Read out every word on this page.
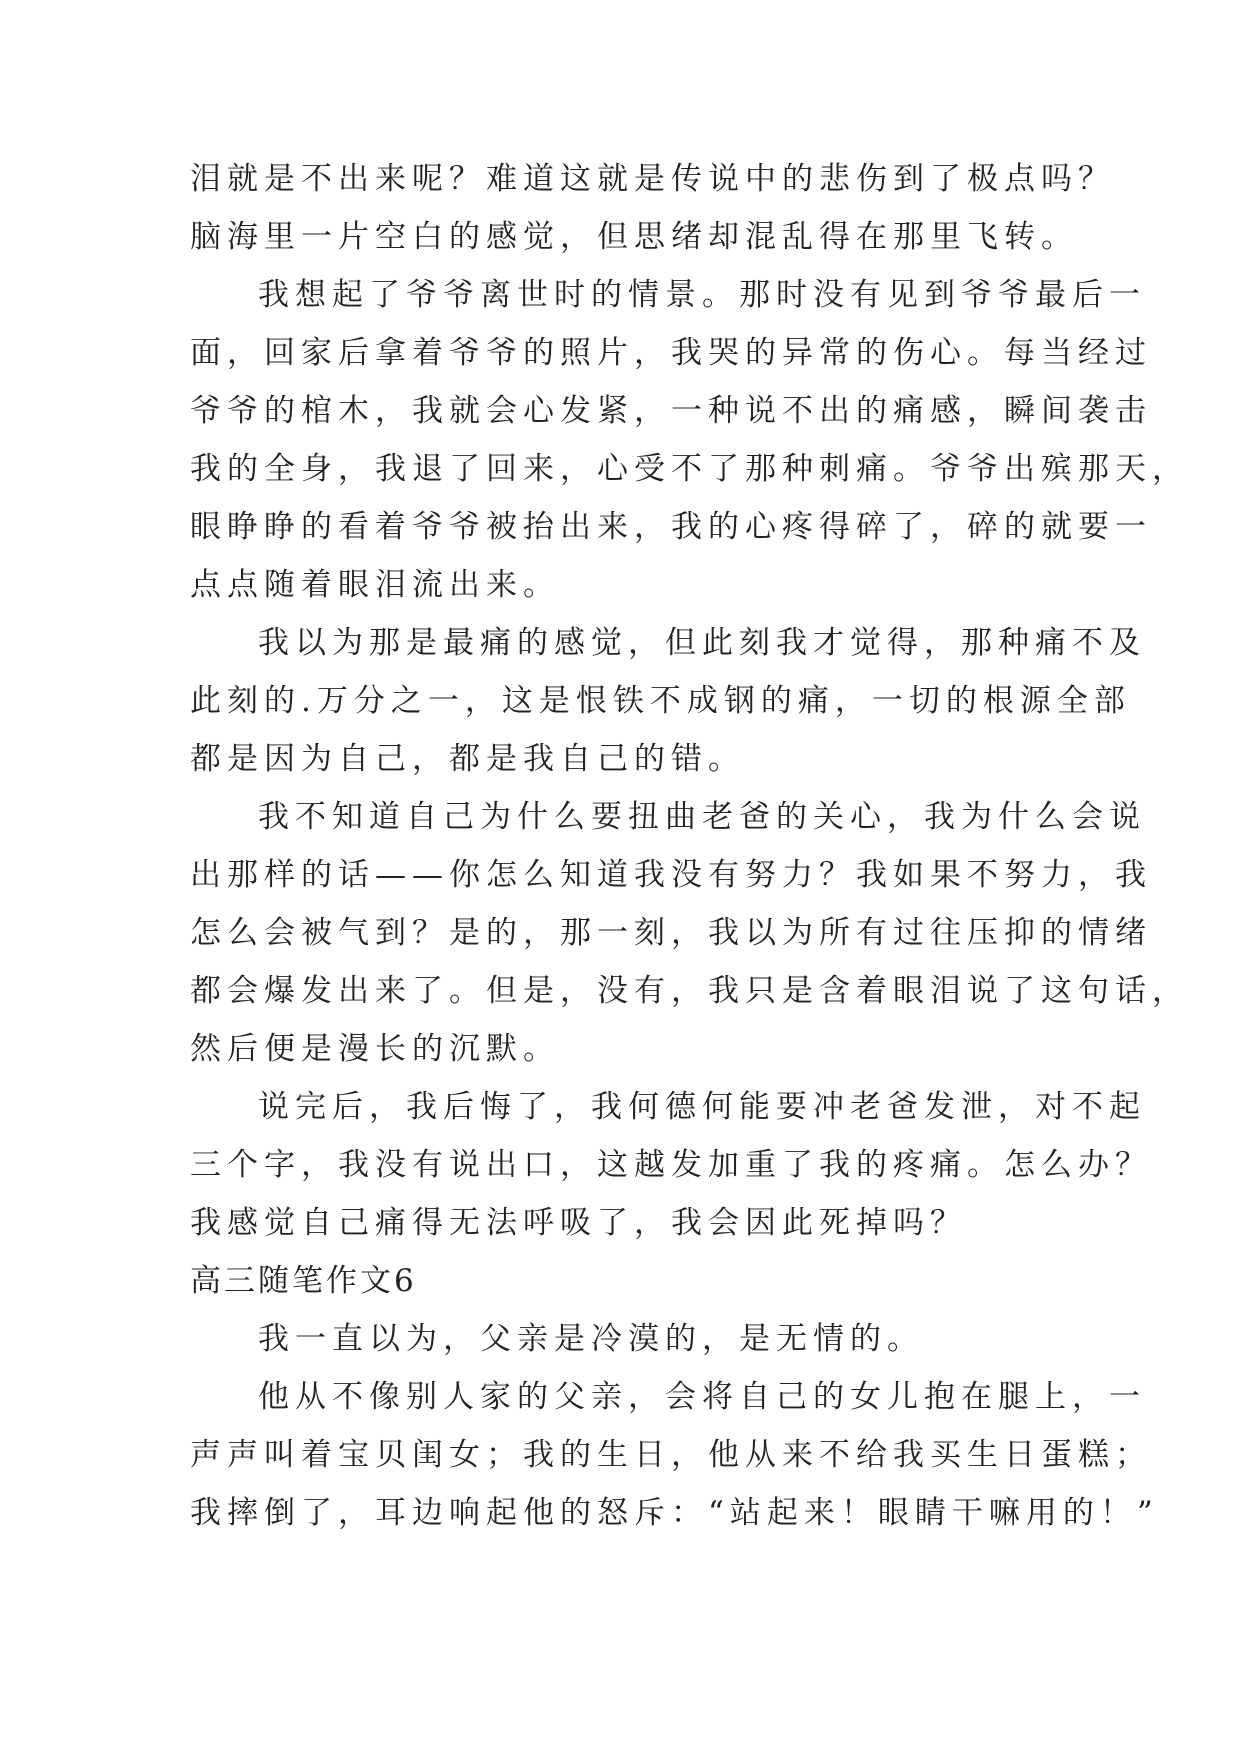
泪就是不出来呢？难道这就是传说中的悲伤到了极点吗？
脑海里一片空白的感觉，但思绪却混乱得在那里飞转。
我想起了爷爷离世时的情景。那时没有见到爷爷最后一
面，回家后拿着爷爷的照片，我哭的异常的伤心。每当经过
爷爷的棺木，我就会心发紧，一种说不出的痛感，瞬间袭击
我的全身，我退了回来，心受不了那种刺痛。爷爷出殡那天，
眼睁睁的看着爷爷被抬出来，我的心疼得碎了，碎的就要一
点点随着眼泪流出来。
我以为那是最痛的感觉，但此刻我才觉得，那种痛不及
此刻的.万分之一，这是恨铁不成钢的痛，一切的根源全部
都是因为自己，都是我自己的错。
我不知道自己为什么要扭曲老爸的关心，我为什么会说
出那样的话——你怎么知道我没有努力？我如果不努力，我
怎么会被气到？是的，那一刻，我以为所有过往压抑的情绪
都会爆发出来了。但是，没有，我只是含着眼泪说了这句话，
然后便是漫长的沉默。
说完后，我后悔了，我何德何能要冲老爸发泄，对不起
三个字，我没有说出口，这越发加重了我的疼痛。怎么办？
我感觉自己痛得无法呼吸了，我会因此死掉吗？
高三随笔作文6
我一直以为，父亲是冷漠的，是无情的。
他从不像别人家的父亲，会将自己的女儿抱在腿上，一
声声叫着宝贝闺女；我的生日，他从来不给我买生日蛋糕；
我摔倒了，耳边响起他的怒斥：“站起来！眼睛干嘛用的！”
